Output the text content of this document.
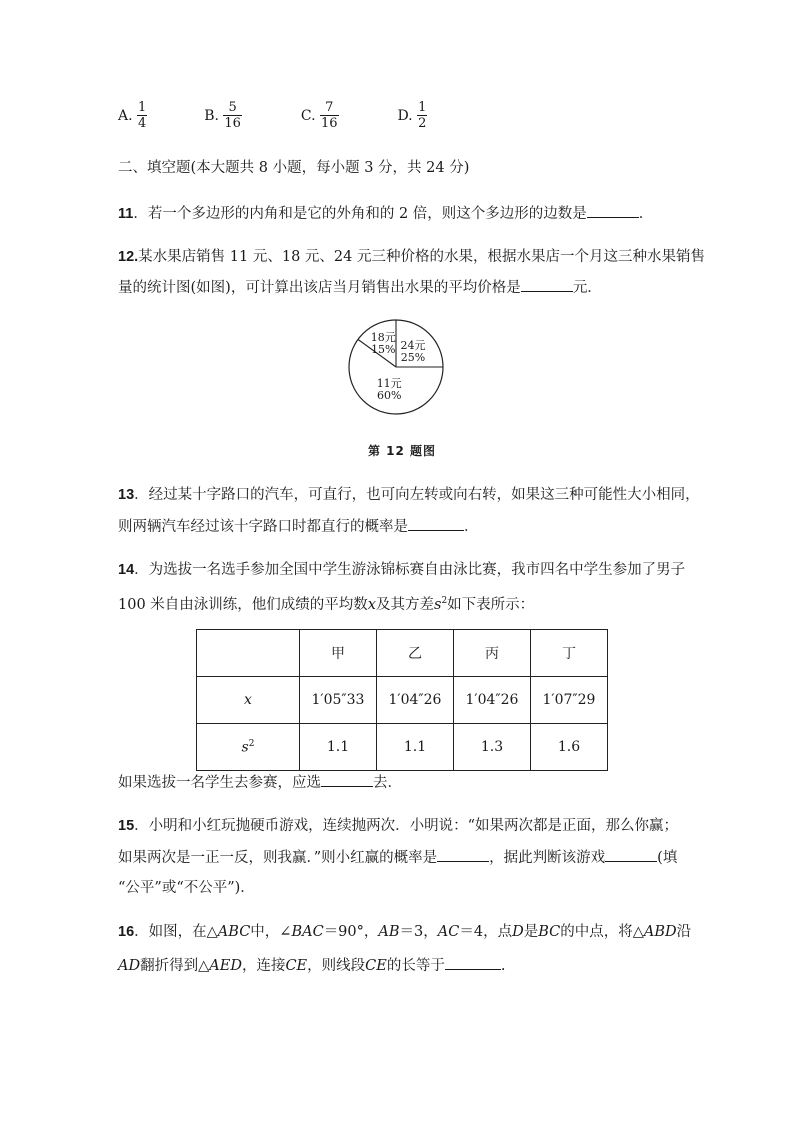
A. $\frac{1}{4}$	B. $\frac{5}{16}$	C. $\frac{7}{16}$	D. $\frac{1}{2}$
二、填空题(本大题共 8 小题，每小题 3 分，共 24 分)
11．若一个多边形的内角和是它的外角和的 2 倍，则这个多边形的边数是	．
12.某水果店销售 11 元、18 元、24 元三种价格的水果，根据水果店一个月这三种水果销售
量的统计图(如图)，可计算出该店当月销售出水果的平均价格是	元．
24元
25%
18元
15%
11元
60%
第 12 题图
13．经过某十字路口的汽车，可直行，也可向左转或向右转，如果这三种可能性大小相同，
则两辆汽车经过该十字路口时都直行的概率是	．
14．为选拔一名选手参加全国中学生游泳锦标赛自由泳比赛，我市四名中学生参加了男子
100 米自由泳训练，他们成绩的平均数x及其方差$s^2$如下表所示：
	甲	乙	丙	丁
x	1′05″33	1′04″26	1′04″26	1′07″29
$s^2$	1.1	1.1	1.3	1.6
如果选拔一名学生去参赛，应选	去．
15．小明和小红玩抛硬币游戏，连续抛两次．小明说：“如果两次都是正面，那么你赢；
如果两次是一正一反，则我赢．”则小红赢的概率是	，据此判断该游戏	(填
“公平”或“不公平”)．
16．如图，在△ABC中，∠BAC＝90°，AB＝3，AC＝4，点D是BC的中点，将△ABD沿
AD翻折得到△AED，连接CE，则线段CE的长等于	.
